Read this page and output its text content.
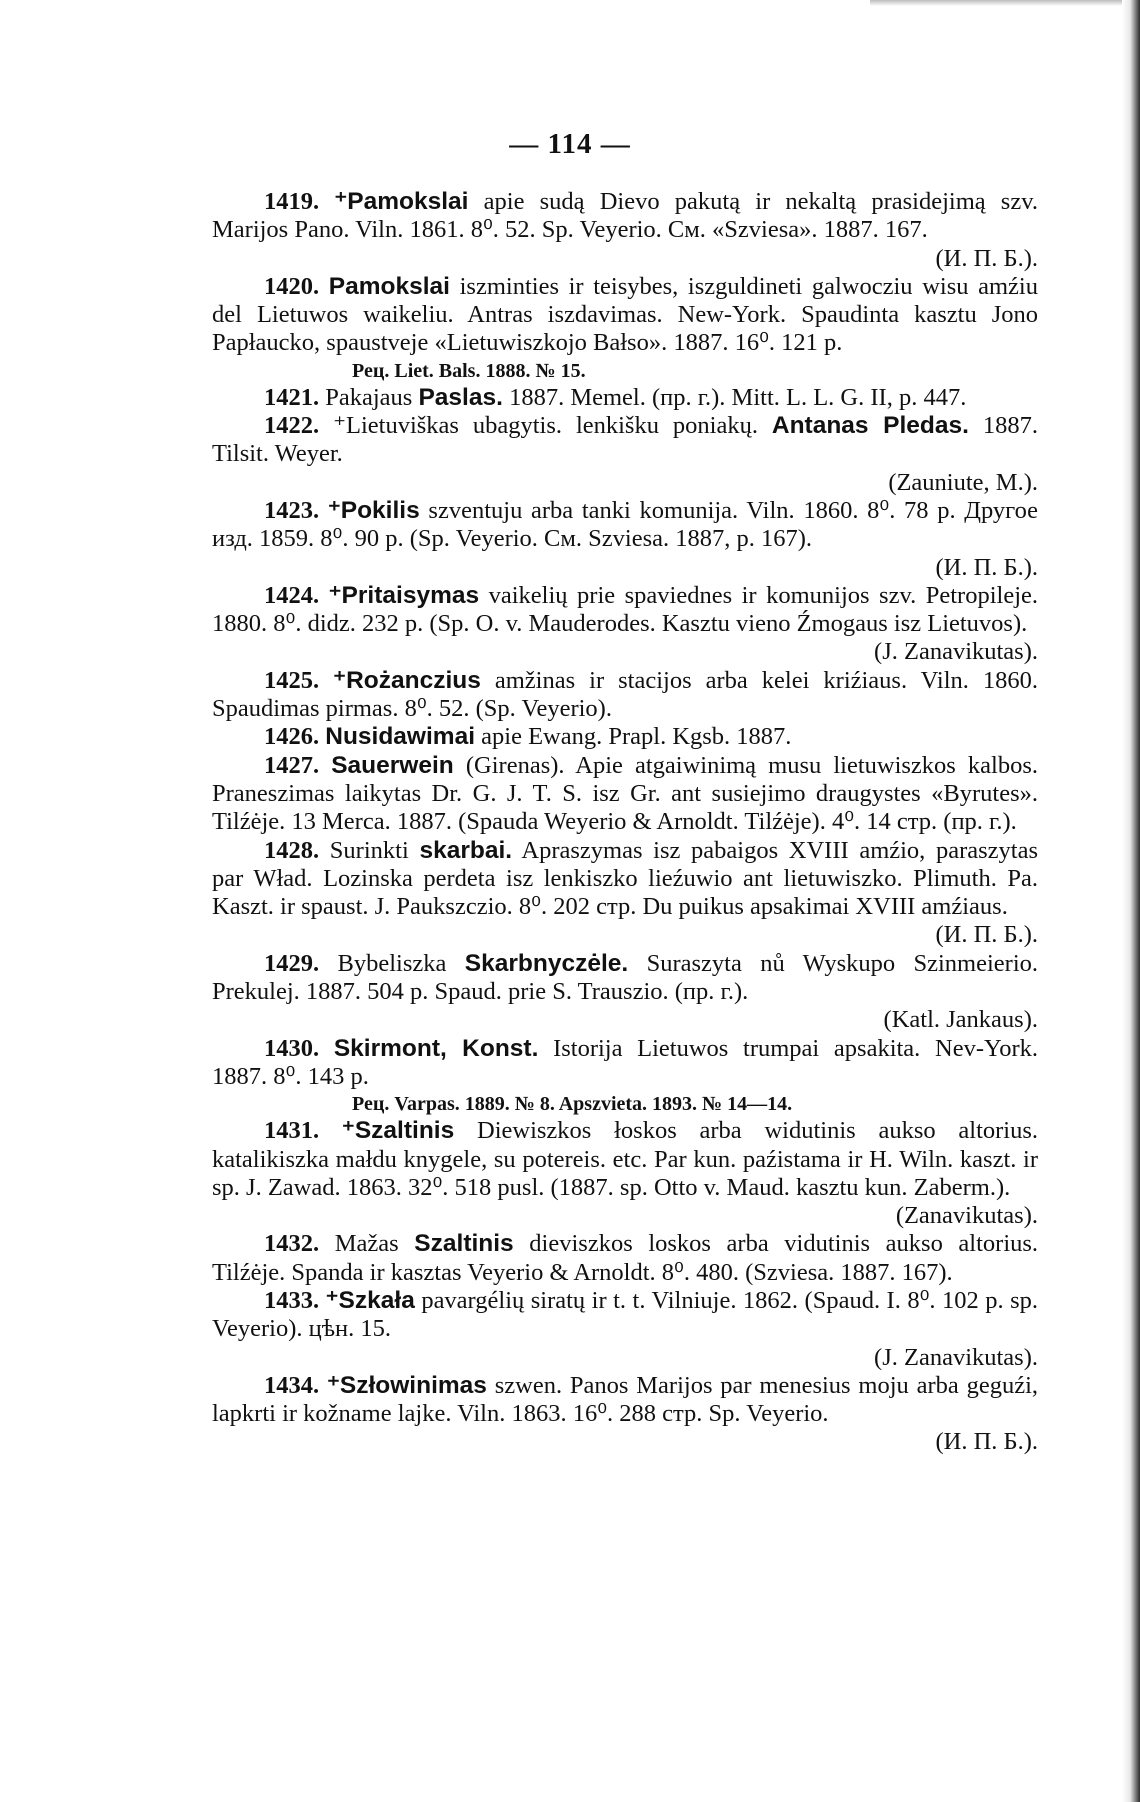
— 114 —

1419. ⁺Pamokslai apie sudą Dievo pakutą ir nekaltą prasidejimą szv. Marijos Pano. Viln. 1861. 8⁰. 52. Sp. Veyerio. Cм. «Szviesa». 1887. 167.
(И. П. Б.).

1420. Pamokslai iszminties ir teisybes, iszguldineti galwocziu wisu amźiu del Lietuwos waikeliu. Antras iszdavimas. New-York. Spaudinta kasztu Jono Papłaucko, spaustveje «Lietuwiszkojo Bałso». 1887. 16⁰. 121 p.
Рец. Liet. Bals. 1888. № 15.

1421. Pakajaus Paslas. 1887. Memel. (пр. г.). Mitt. L. L. G. II, p. 447.

1422. ⁺Lietuviškas ubagytis. lenkišku poniakų. Antanas Pledas. 1887. Tilsit. Weyer.
(Zauniute, M.).

1423. ⁺Pokilis szventuju arba tanki komunija. Viln. 1860. 8⁰. 78 p. Другое изд. 1859. 8⁰. 90 p. (Sp. Veyerio. Cм. Szviesa. 1887, p. 167).
(И. П. Б.).

1424. ⁺Pritaisymas vaikelių prie spaviednes ir komunijos szv. Petropileje. 1880. 8⁰. didz. 232 p. (Sp. O. v. Mauderodes. Kasztu vieno Źmogaus isz Lietuvos).
(J. Zanavikutas).

1425. ⁺Rożanczius amžinas ir stacijos arba kelei kriźiaus. Viln. 1860. Spaudimas pirmas. 8⁰. 52. (Sp. Veyerio).

1426. Nusidawimai apie Ewang. Prapl. Kgsb. 1887.

1427. Sauerwein (Girenas). Apie atgaiwinimą musu lietuwiszkos kalbos. Praneszimas laikytas Dr. G. J. T. S. isz Gr. ant susiejimo draugystes «Byrutes». Tilźėje. 13 Merca. 1887. (Spauda Weyerio & Arnoldt. Tilźėje). 4⁰. 14 стр. (пр. г.).

1428. Surinkti skarbai. Apraszymas isz pabaigos XVIII amźio, paraszytas par Wład. Lozinska perdeta isz lenkiszko lieźuwio ant lietuwiszko. Plimuth. Pa. Kaszt. ir spaust. J. Paukszczio. 8⁰. 202 стр. Du puikus apsakimai XVIII amźiaus.
(И. П. Б.).

1429. Bybeliszka Skarbnyczėle. Suraszyta nů Wyskupo Szinmeierio. Prekulej. 1887. 504 p. Spaud. prie S. Trauszio. (пр. г.).
(Katl. Jankaus).

1430. Skirmont, Konst. Istorija Lietuwos trumpai apsakita. Nev-York. 1887. 8⁰. 143 p.
Рец. Varpas. 1889. № 8. Apszvieta. 1893. № 14—14.

1431. ⁺Szaltinis Diewiszkos łoskos arba widutinis aukso altorius. katalikiszka małdu knygele, su potereis. etc. Par kun. paźistama ir H. Wiln. kaszt. ir sp. J. Zawad. 1863. 32⁰. 518 pusl. (1887. sp. Otto v. Maud. kasztu kun. Zaberm.).
(Zanavikutas).

1432. Mažas Szaltinis dieviszkos loskos arba vidutinis aukso altorius. Tilźėje. Spanda ir kasztas Veyerio & Arnoldt. 8⁰. 480. (Szviesa. 1887. 167).

1433. ⁺Szkała pavargélių siratų ir t. t. Vilniuje. 1862. (Spaud. I. 8⁰. 102 p. sp. Veyerio). цѣн. 15.
(J. Zanavikutas).

1434. ⁺Szłowinimas szwen. Panos Marijos par menesius moju arba geguźi, lapkrti ir kožname lajke. Viln. 1863. 16⁰. 288 стр. Sp. Veyerio.
(И. П. Б.).
